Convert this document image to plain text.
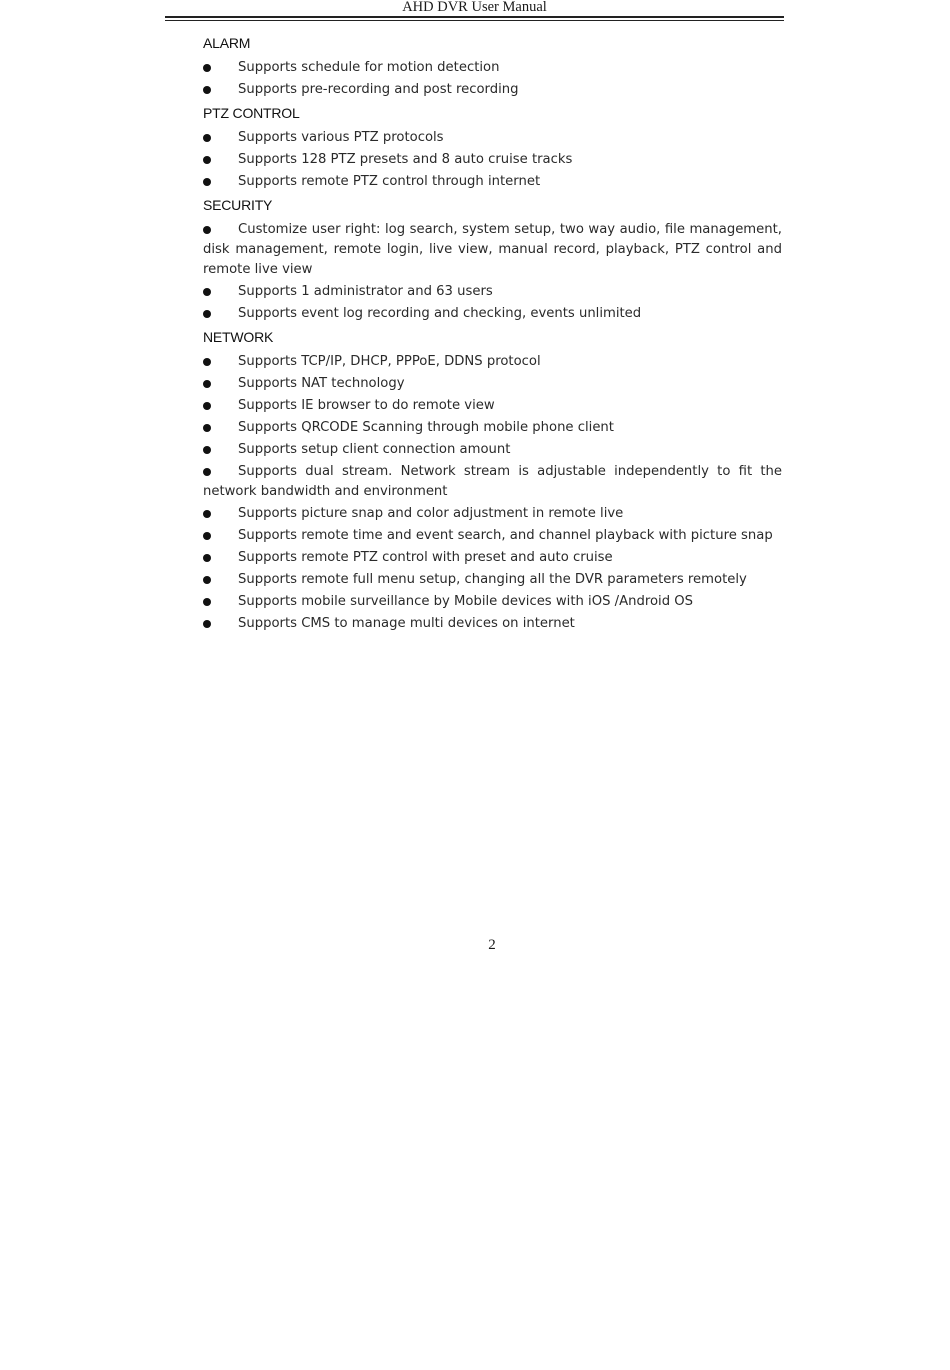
AHD DVR User Manual
ALARM
Supports schedule for motion detection
Supports pre-recording and post recording
PTZ CONTROL
Supports various PTZ protocols
Supports 128 PTZ presets and 8 auto cruise tracks
Supports remote PTZ control through internet
SECURITY
Customize user right: log search, system setup, two way audio, file management, disk management, remote login, live view, manual record, playback, PTZ control and remote live view
Supports 1 administrator and 63 users
Supports event log recording and checking, events unlimited
NETWORK
Supports TCP/IP, DHCP, PPPoE, DDNS protocol
Supports NAT technology
Supports IE browser to do remote view
Supports QRCODE Scanning through mobile phone client
Supports setup client connection amount
Supports dual stream. Network stream is adjustable independently to fit the network bandwidth and environment
Supports picture snap and color adjustment in remote live
Supports remote time and event search, and channel playback with picture snap
Supports remote PTZ control with preset and auto cruise
Supports remote full menu setup, changing all the DVR parameters remotely
Supports mobile surveillance by Mobile devices with iOS /Android OS
Supports CMS to manage multi devices on internet
2
